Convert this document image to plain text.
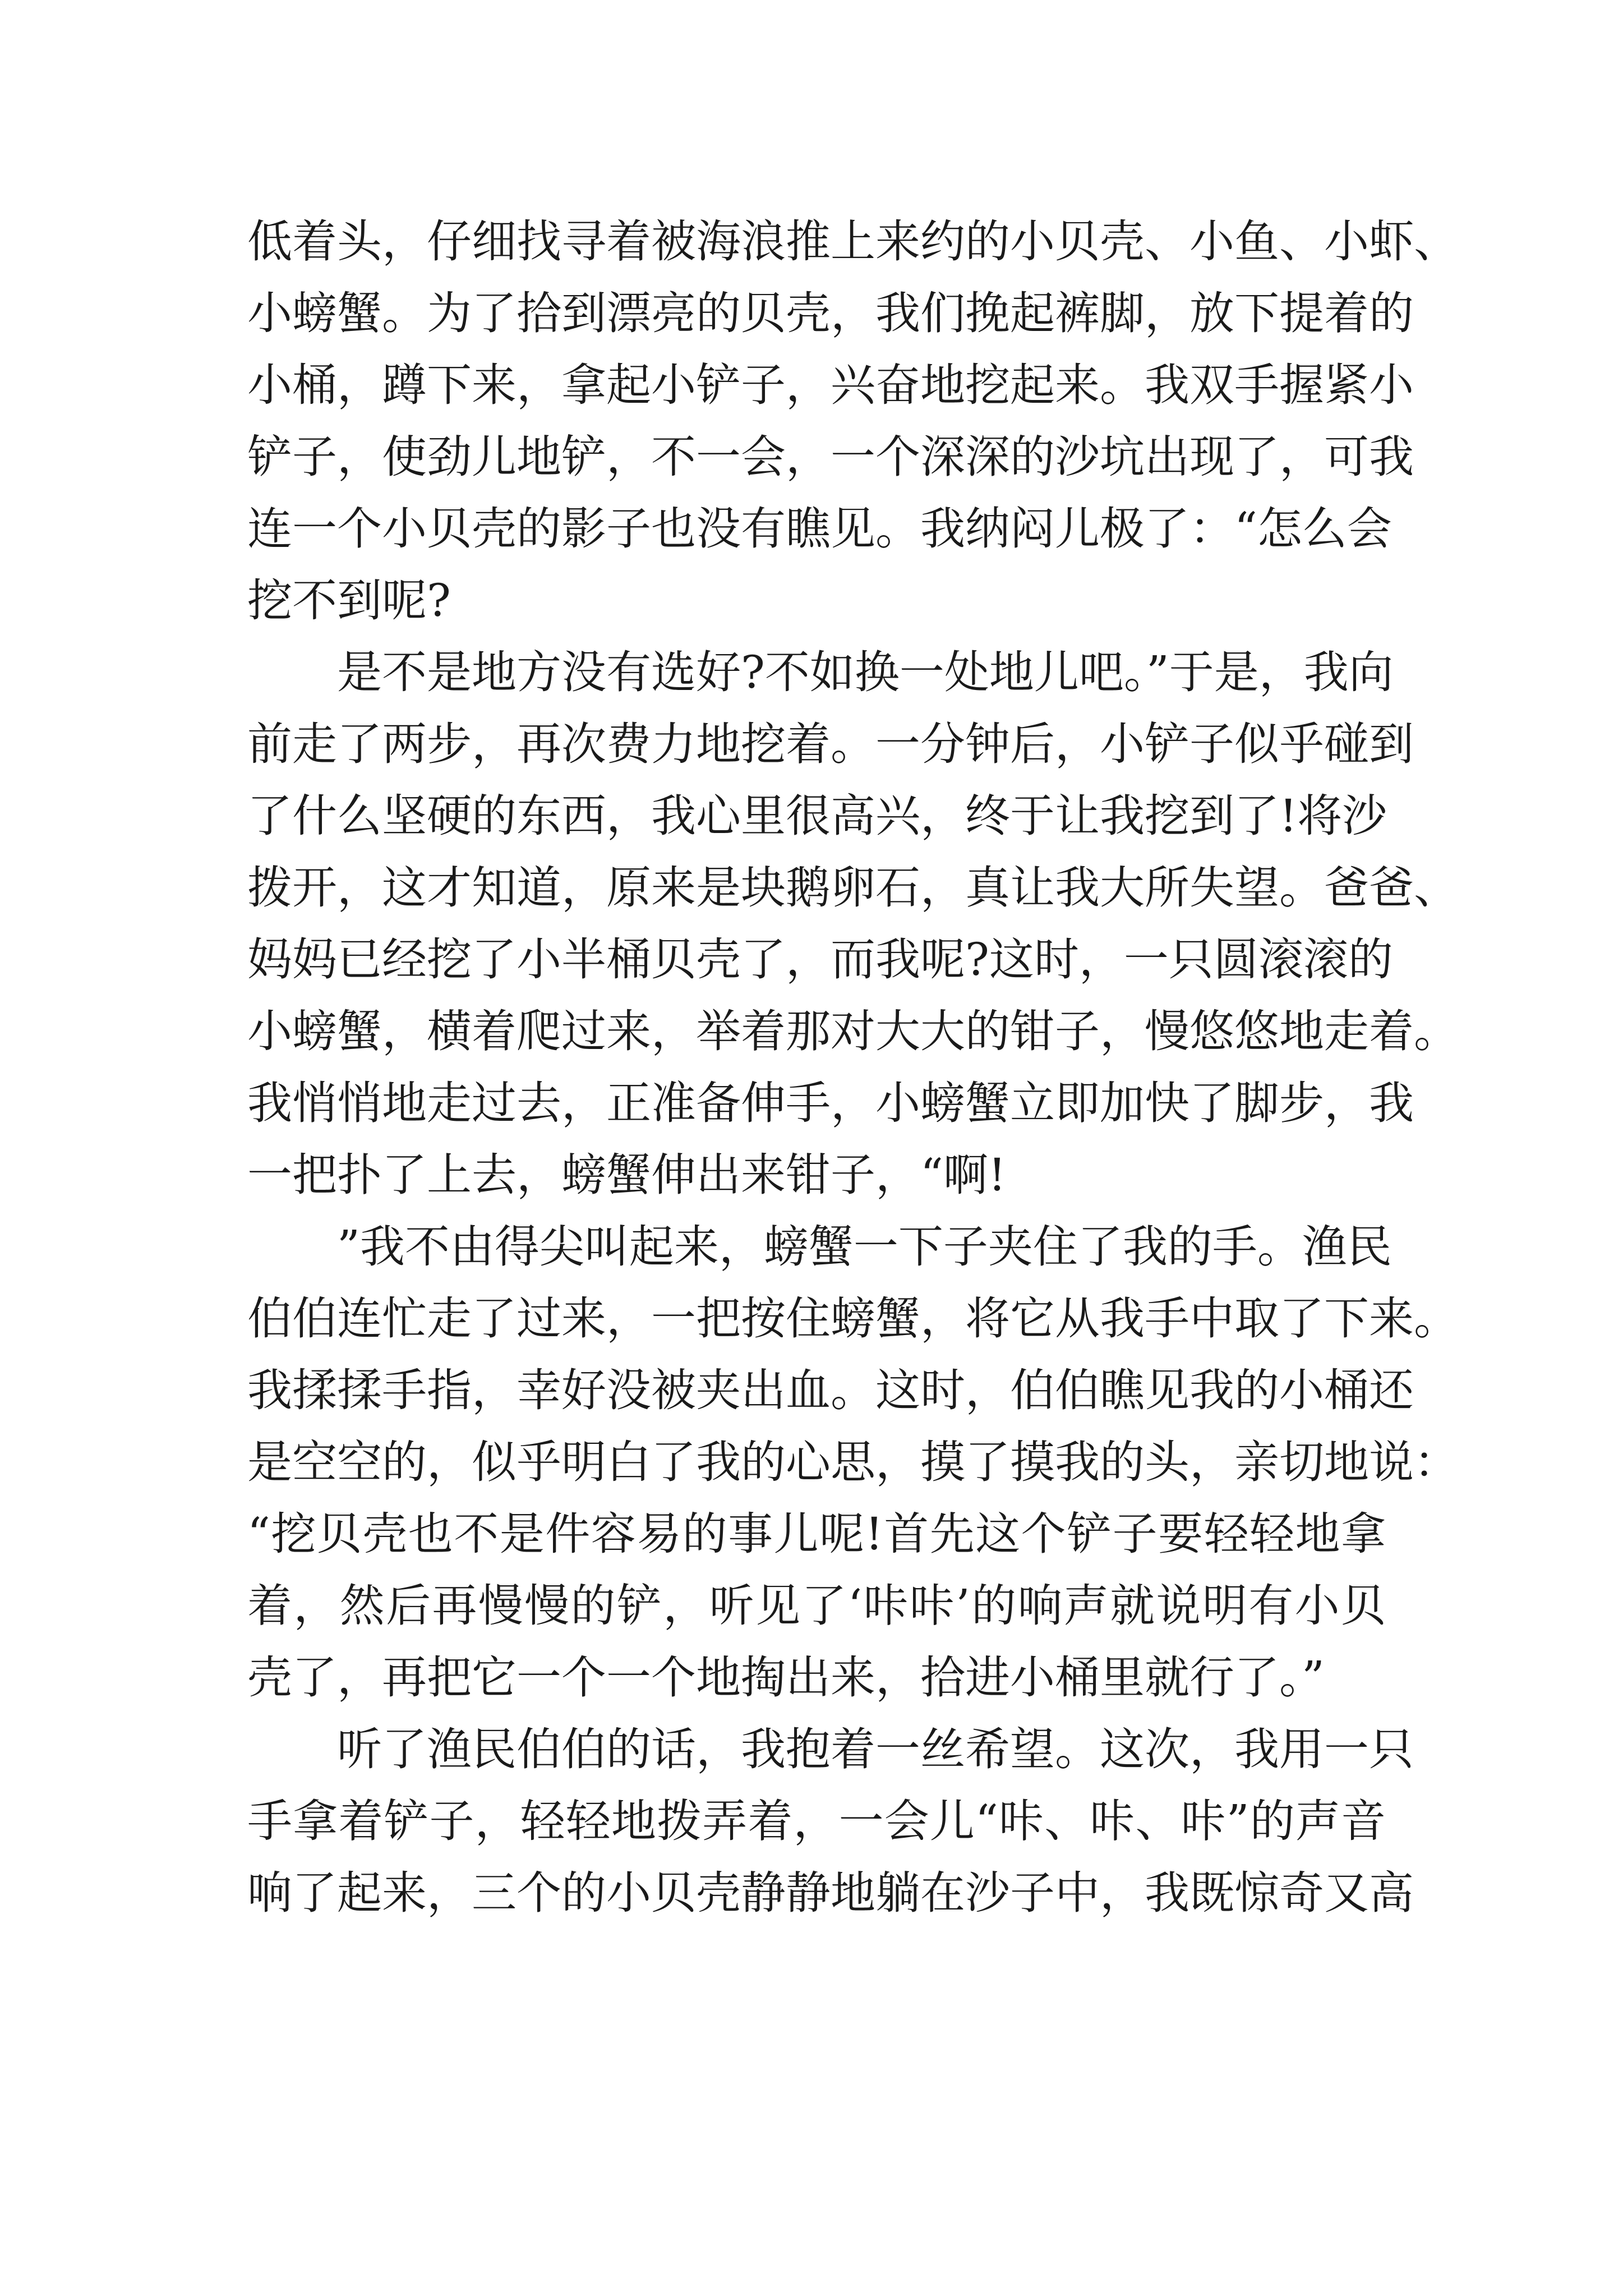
低着头，仔细找寻着被海浪推上来约的小贝壳、小鱼、小虾、
小螃蟹。为了拾到漂亮的贝壳，我们挽起裤脚，放下提着的
小桶，蹲下来，拿起小铲子，兴奋地挖起来。我双手握紧小
铲子，使劲儿地铲，不一会，一个深深的沙坑出现了，可我
连一个小贝壳的影子也没有瞧见。我纳闷儿极了：“怎么会
挖不到呢?
是不是地方没有选好?不如换一处地儿吧。”于是，我向
前走了两步，再次费力地挖着。一分钟后，小铲子似乎碰到
了什么坚硬的东西，我心里很高兴，终于让我挖到了!将沙
拨开，这才知道，原来是块鹅卵石，真让我大所失望。爸爸、
妈妈已经挖了小半桶贝壳了，而我呢?这时，一只圆滚滚的
小螃蟹，横着爬过来，举着那对大大的钳子，慢悠悠地走着。
我悄悄地走过去，正准备伸手，小螃蟹立即加快了脚步，我
一把扑了上去，螃蟹伸出来钳子，“啊!
”我不由得尖叫起来，螃蟹一下子夹住了我的手。渔民
伯伯连忙走了过来，一把按住螃蟹，将它从我手中取了下来。
我揉揉手指，幸好没被夹出血。这时，伯伯瞧见我的小桶还
是空空的，似乎明白了我的心思，摸了摸我的头，亲切地说：
“挖贝壳也不是件容易的事儿呢!首先这个铲子要轻轻地拿
着，然后再慢慢的铲，听见了‘咔咔’的响声就说明有小贝
壳了，再把它一个一个地掏出来，拾进小桶里就行了。”
听了渔民伯伯的话，我抱着一丝希望。这次，我用一只
手拿着铲子，轻轻地拨弄着，一会儿“咔、咔、咔”的声音
响了起来，三个的小贝壳静静地躺在沙子中，我既惊奇又高
